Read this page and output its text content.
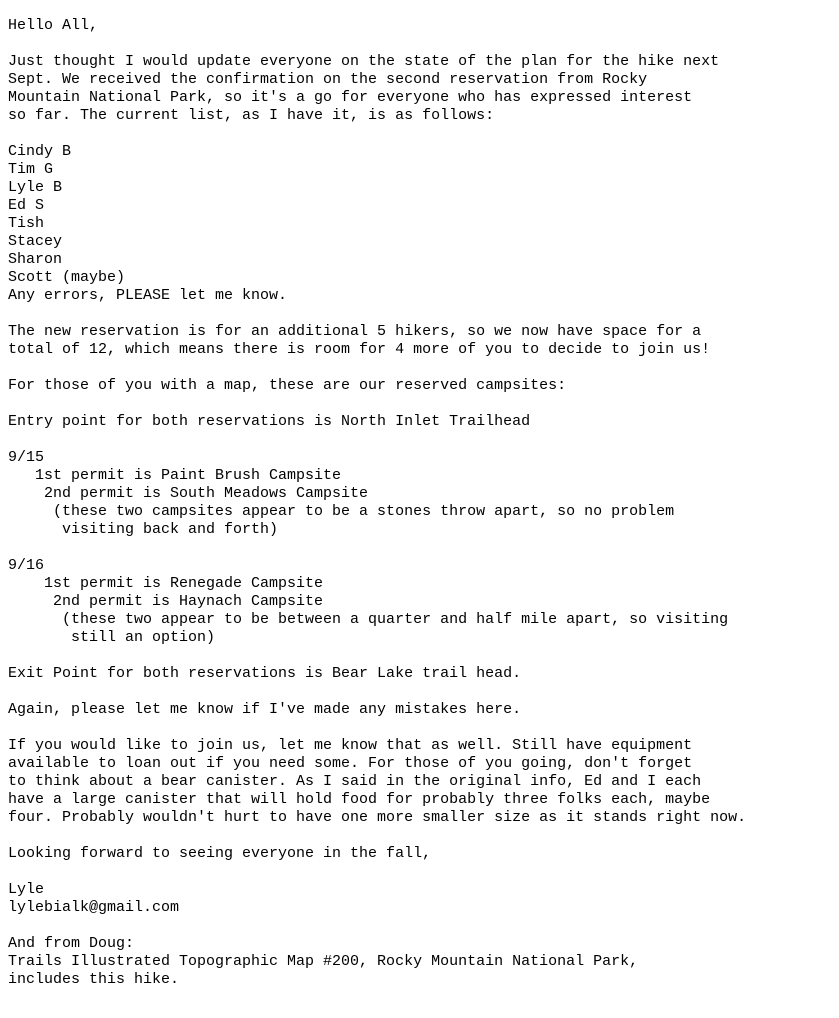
Hello All,
Just thought I would update everyone on the state of the plan for the hike next
Sept. We received the confirmation on the second reservation from Rocky
Mountain National Park, so it's a go for everyone who has expressed interest
so far. The current list, as I have it, is as follows:
Cindy B
Tim G
Lyle B
Ed S
Tish
Stacey
Sharon
Scott (maybe)
Any errors, PLEASE let me know.
The new reservation is for an additional 5 hikers, so we now have space for a
total of 12, which means there is room for 4 more of you to decide to join us!
For those of you with a map, these are our reserved campsites:
Entry point for both reservations is North Inlet Trailhead
9/15
1st permit is Paint Brush Campsite
2nd permit is South Meadows Campsite
(these two campsites appear to be a stones throw apart, so no problem
visiting back and forth)
9/16
1st permit is Renegade Campsite
2nd permit is Haynach Campsite
(these two appear to be between a quarter and half mile apart, so visiting
still an option)
Exit Point for both reservations is Bear Lake trail head.
Again, please let me know if I've made any mistakes here.
If you would like to join us, let me know that as well. Still have equipment
available to loan out if you need some. For those of you going, don't forget
to think about a bear canister. As I said in the original info, Ed and I each
have a large canister that will hold food for probably three folks each, maybe
four. Probably wouldn't hurt to have one more smaller size as it stands right now.
Looking forward to seeing everyone in the fall,
Lyle
lylebialk@gmail.com
And from Doug:
Trails Illustrated Topographic Map #200, Rocky Mountain National Park,
includes this hike.
